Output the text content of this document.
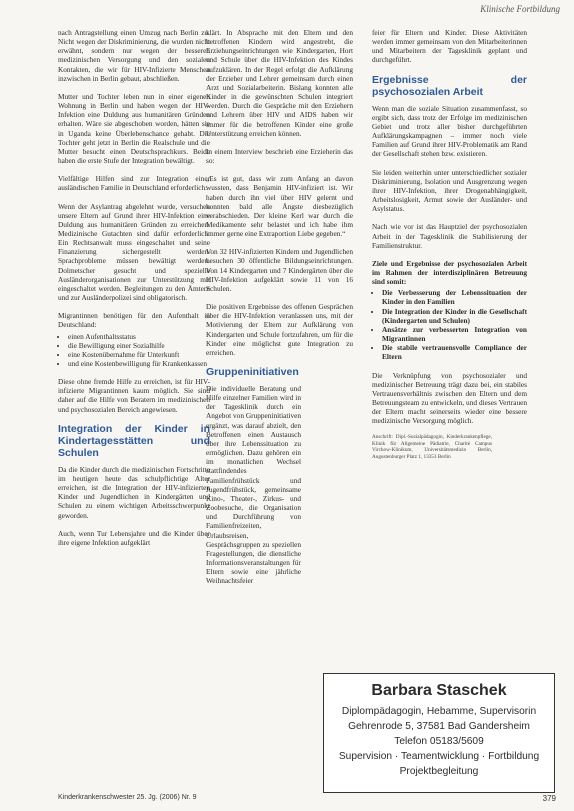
Klinische Fortbildung

nach Antragstellung einen Umzug nach Berlin zu. Nicht wegen der Diskriminierung, die wurden nicht erwähnt, sondern nur wegen der besseren medizinischen Versorgung und den sozialen Kontakten, die wir für HIV-Infizierte Menschen inzwischen in Berlin gebaut, abschließen.

Mutter und Tochter leben nun in einer eigenen Wohnung in Berlin und haben wegen der HIV-Infektion eine Duldung aus humanitären Gründen erhalten. Wäre sie abgeschoben worden, hätten sie in Uganda keine Überlebenschance gehabt. Die Tochter geht jetzt in Berlin die Realschule und die Mutter besucht einen Deutschsprachkurs. Beide haben die erste Stufe der Integration bewältigt.

Vielfältige Hilfen sind zur Integration einer ausländischen Familie in Deutschland erforderlich:

Wenn der Asylantrag abgelehnt wurde, versuchen unsere Eltern auf Grund ihrer HIV-Infektion eine Duldung aus humanitären Gründen zu erreichen. Medizinische Gutachten sind dafür erforderlich. Ein Rechtsanwalt muss eingeschaltet und seine Finanzierung sichergestellt werden. Sprachprobleme müssen bewältigt werden. Dolmetscher gesucht und spezielle Ausländerorganisationen zur Unterstützung mit eingeschaltet werden. Begleitungen zu den Ämtern und zur Ausländerpolizei sind obligatorisch.

Migrantinnen benötigen für den Aufenthalt in Deutschland:

• einen Aufenthaltsstatus
• die Bewilligung einer Sozialhilfe
• eine Kostenübernahme für Unterkunft
• und eine Kostenbewilligung für Krankenkassen

Diese ohne fremde Hilfe zu erreichen, ist für HIV-infizierte Migrantinnen kaum möglich. Sie sind daher auf die Hilfe von Beratern im medizinischen und psychosozialen Bereich angewiesen.

Integration der Kinder in Kindertagesstätten und Schulen

Da die Kinder durch die medizinischen Fortschritte im heutigen heute das schulpflichtige Alter erreichen, ist die Integration der HIV-infizierten Kinder und Jugendlichen in Kindergärten und Schulen zu einem wichtigen Arbeitsschwerpunkt geworden.

Auch, wenn Tur Lebensjahre und die Kinder über ihre eigene Infektion aufgeklärt

klärt. In Absprache mit den Eltern und den betroffenen Kindern wird angestrebt, die Erziehungseinrichtungen wie Kindergarten, Hort und Schule über die HIV-Infektion des Kindes aufzuklären. In der Regel erfolgt die Aufklärung der Erzieher und Lehrer gemeinsam durch einen Arzt und Sozialarbeiterin. Bislang konnten alle Kinder in die gewünschten Schulen integriert werden. Durch die Gespräche mit den Erziehern und Lehrern über HIV und AIDS haben wir immer für die betroffenen Kinder eine große Unterstützung erreichen können.

In einem Interview beschrieb eine Erzieherin das so:

„Es ist gut, dass wir zum Anfang an davon wussten, dass Benjamin HIV-infiziert ist. Wir haben durch ihn viel über HIV gelernt und konnten bald alle Ängste diesbezüglich verabschieden. Der kleine Kerl war durch die Medikamente sehr belastet und ich habe ihm immer gerne eine Extraportion Liebe gegeben.“

Von 32 HIV-infizierten Kindern und Jugendlichen besuchen 30 öffentliche Bildungseinrichtungen. Von 14 Kindergarten und 7 Kindergärten über die HIV-Infektion aufgeklärt sowie 11 von 16 Schulen.

Die positiven Ergebnisse des offenen Gesprächen über die HIV-Infektion veranlassen uns, mit der Motivierung der Eltern zur Aufklärung von Kindergarten und Schule fortzufahren, um für die Kinder eine möglichst gute Integration zu erreichen.

Gruppeninitiativen

Die individuelle Beratung und Hilfe einzelner Familien wird in der Tagesklinik durch ein Angebot von Gruppeninitiativen ergänzt, was darauf abzielt, den Betroffenen einen Austausch über ihre Lebenssituation zu ermöglichen. Dazu gehören ein im monatlichen Wechsel stattfindendes Familienfrühstück und Jugendfrühstück, gemeinsame Kino-, Theater-, Zirkus- und Zoobesuche, die Organisation und Durchführung von Familienfreizeiten, Urlaubsreisen, Gesprächsgruppen zu speziellen Fragestellungen, die dienstliche Informationsveranstaltungen für Eltern sowie eine jährliche Weihnachtsfeier

feier für Eltern und Kinder. Diese Aktivitäten werden immer gemeinsam von den Mitarbeiterinnen und Mitarbeitern der Tagesklinik geplant und durchgeführt.

Ergebnisse der psychosozialen Arbeit

Wenn man die soziale Situation zusammenfasst, so ergibt sich, dass trotz der Erfolge im medizinischen Gebiet und trotz aller bisher durchgeführten Aufklärungskampagnen – immer noch viele Familien auf Grund ihrer HIV-Problematik am Rand der Gesellschaft stehen bzw. existieren.

Sie leiden weiterhin unter unterschiedlicher sozialer Diskriminierung, Isolation und Ausgrenzung wegen ihrer HIV-Infektion, ihrer Drogenabhängigkeit, Arbeitslosigkeit, Armut sowie der Ausländer- und Asylstatus.

Nach wie vor ist das Hauptziel der psychosozialen Arbeit in der Tagesklinik die Stabilisierung der Familienstruktur.

Ziele und Ergebnisse der psychosozialen Arbeit im Rahmen der interdisziplinären Betreuung sind somit:

• Die Verbesserung der Lebenssituation der Kinder in den Familien
• Die Integration der Kinder in die Gesellschaft (Kindergarten und Schulen)
• Ansätze zur verbesserten Integration von Migrantinnen
• Die stabile vertrauensvolle Compliance der Eltern

Die Verknüpfung von psychosozialer und medizinischer Betreuung trägt dazu bei, ein stabiles Vertrauensverhältnis zwischen den Eltern und dem Betreuungsteam zu entwickeln, und dieses Vertrauen der Eltern macht seinerseits wieder eine bessere medizinische Versorgung möglich.

Anschrift: Dipl.-Sozialpädagogin, Kinderkrankenpflege, Klinik für Allgemeine Pädiatrie, Charité Campus Virchow-Klinikum, Universitätsmedizin Berlin, Augustenburger Platz 1, 13353 Berlin
Barbara Staschek
Diplompädagogin, Hebamme, Supervisorin
Gehrenrode 5, 37581 Bad Gandersheim
Telefon 05183/5609
Supervision · Teamentwicklung · Fortbildung
Projektbegleitung
Kinderkrankenschwester 25. Jg. (2006) Nr. 9	379
